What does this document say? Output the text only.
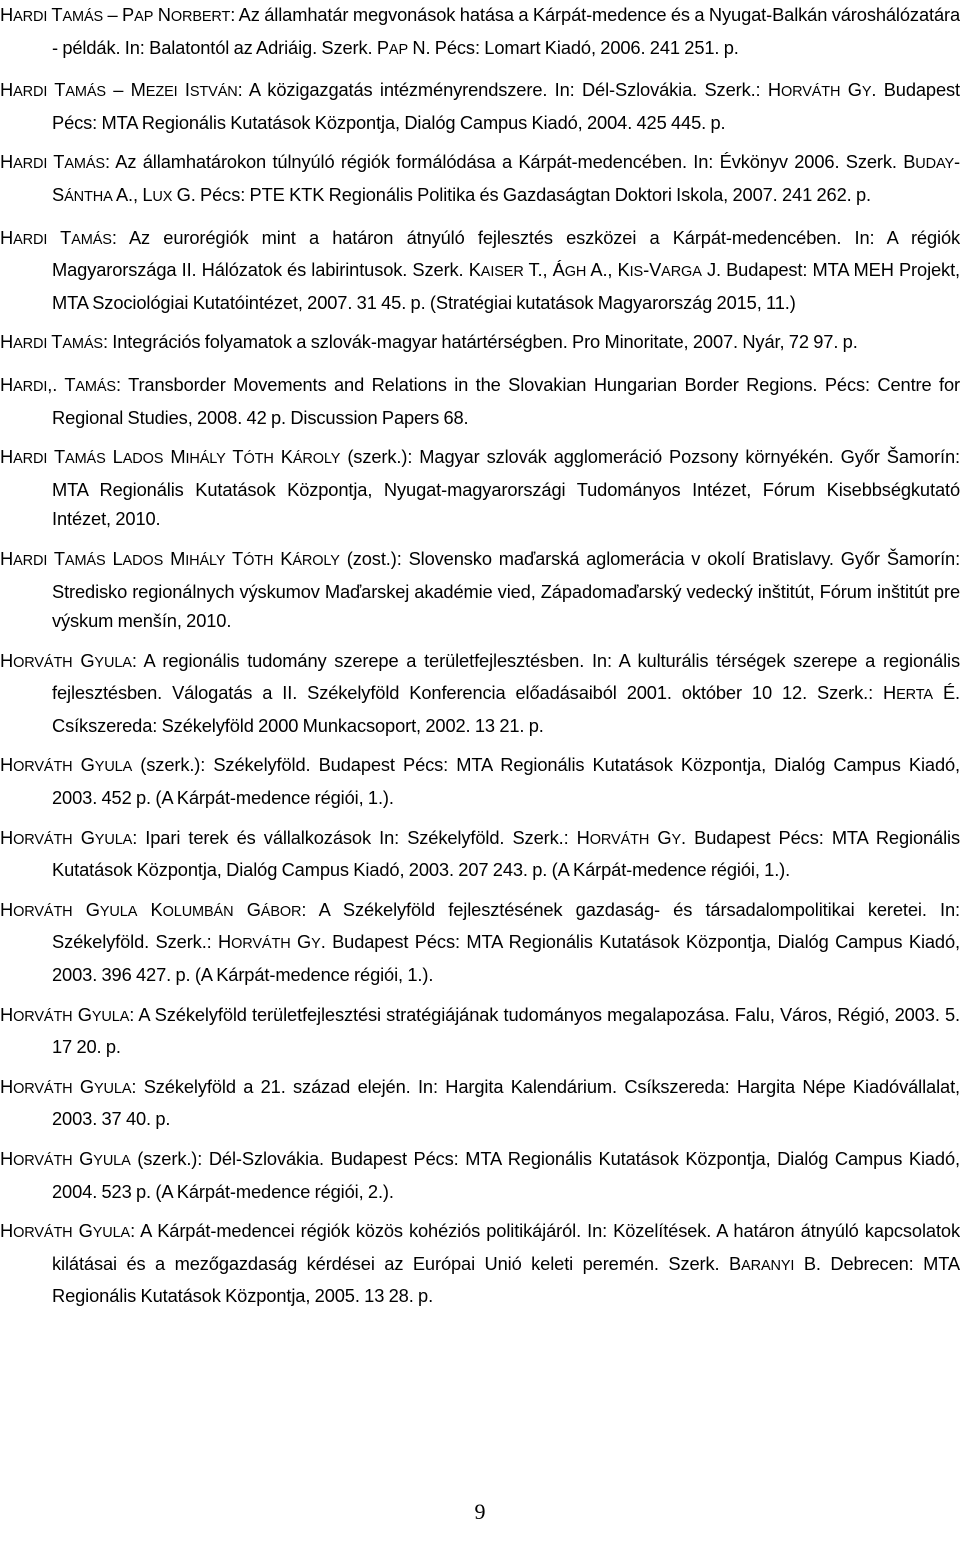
HARDI TAMÁS – PAP NORBERT: Az államhatár megvonások hatása a Kárpát-medence és a Nyugat-Balkán városhálózatára - példák. In: Balatontól az Adriáig. Szerk. PAP N. Pécs: Lomart Kiadó, 2006. 241 251. p.

HARDI TAMÁS – MEZEI ISTVÁN: A közigazgatás intézményrendszere. In: Dél-Szlovákia. Szerk.: HORVÁTH GY. Budapest Pécs: MTA Regionális Kutatások Központja, Dialóg Campus Kiadó, 2004. 425 445. p.

HARDI TAMÁS: Az államhatárokon túlnyúló régiók formálódása a Kárpát-medencében. In: Évkönyv 2006. Szerk. BUDAY-SÁNTHA A., LUX G. Pécs: PTE KTK Regionális Politika és Gazdaságtan Doktori Iskola, 2007. 241 262. p.

HARDI TAMÁS: Az eurorégiók mint a határon átnyúló fejlesztés eszközei a Kárpát-medencében. In: A régiók Magyarországa II. Hálózatok és labirintusok. Szerk. KAISER T., ÁGH A., KIS-VARGA J. Budapest: MTA MEH Projekt, MTA Szociológiai Kutatóintézet, 2007. 31 45. p. (Stratégiai kutatások Magyarország 2015, 11.)

HARDI TAMÁS: Integrációs folyamatok a szlovák-magyar határtérségben. Pro Minoritate, 2007. Nyár, 72 97. p.

HARDI,. TAMÁS: Transborder Movements and Relations in the Slovakian Hungarian Border Regions. Pécs: Centre for Regional Studies, 2008. 42 p. Discussion Papers 68.

HARDI TAMÁS LADOS MIHÁLY TÓTH KÁROLY (szerk.): Magyar szlovák agglomeráció Pozsony környékén. Győr Šamorín: MTA Regionális Kutatások Központja, Nyugat-magyarországi Tudományos Intézet, Fórum Kisebbségkutató Intézet, 2010.

HARDI TAMÁS LADOS MIHÁLY TÓTH KÁROLY (zost.): Slovensko maďarská aglomerácia v okolí Bratislavy. Győr Šamorín: Stredisko regionálnych výskumov Maďarskej akadémie vied, Západomaďarský vedecký inštitút, Fórum inštitút pre výskum menšín, 2010.

HORVÁTH GYULA: A regionális tudomány szerepe a területfejlesztésben. In: A kulturális térségek szerepe a regionális fejlesztésben. Válogatás a II. Székelyföld Konferencia előadásaiból 2001. október 10 12. Szerk.: HERTA É. Csíkszereda: Székelyföld 2000 Munkacsoport, 2002. 13 21. p.

HORVÁTH GYULA (szerk.): Székelyföld. Budapest Pécs: MTA Regionális Kutatások Központja, Dialóg Campus Kiadó, 2003. 452 p. (A Kárpát-medence régiói, 1.).

HORVÁTH GYULA: Ipari terek és vállalkozások In: Székelyföld. Szerk.: HORVÁTH GY. Budapest Pécs: MTA Regionális Kutatások Központja, Dialóg Campus Kiadó, 2003. 207 243. p. (A Kárpát-medence régiói, 1.).

HORVÁTH GYULA KOLUMBÁN GÁBOR: A Székelyföld fejlesztésének gazdaság- és társadalompolitikai keretei. In: Székelyföld. Szerk.: HORVÁTH GY. Budapest Pécs: MTA Regionális Kutatások Központja, Dialóg Campus Kiadó, 2003. 396 427. p. (A Kárpát-medence régiói, 1.).

HORVÁTH GYULA: A Székelyföld területfejlesztési stratégiájának tudományos megalapozása. Falu, Város, Régió, 2003. 5. 17 20. p.

HORVÁTH GYULA: Székelyföld a 21. század elején. In: Hargita Kalendárium. Csíkszereda: Hargita Népe Kiadóvállalat, 2003. 37 40. p.

HORVÁTH GYULA (szerk.): Dél-Szlovákia. Budapest Pécs: MTA Regionális Kutatások Központja, Dialóg Campus Kiadó, 2004. 523 p. (A Kárpát-medence régiói, 2.).

HORVÁTH GYULA: A Kárpát-medencei régiók közös kohéziós politikájáról. In: Közelítések. A határon átnyúló kapcsolatok kilátásai és a mezőgazdaság kérdései az Európai Unió keleti peremén. Szerk. BARANYI B. Debrecen: MTA Regionális Kutatások Központja, 2005. 13 28. p.

9
